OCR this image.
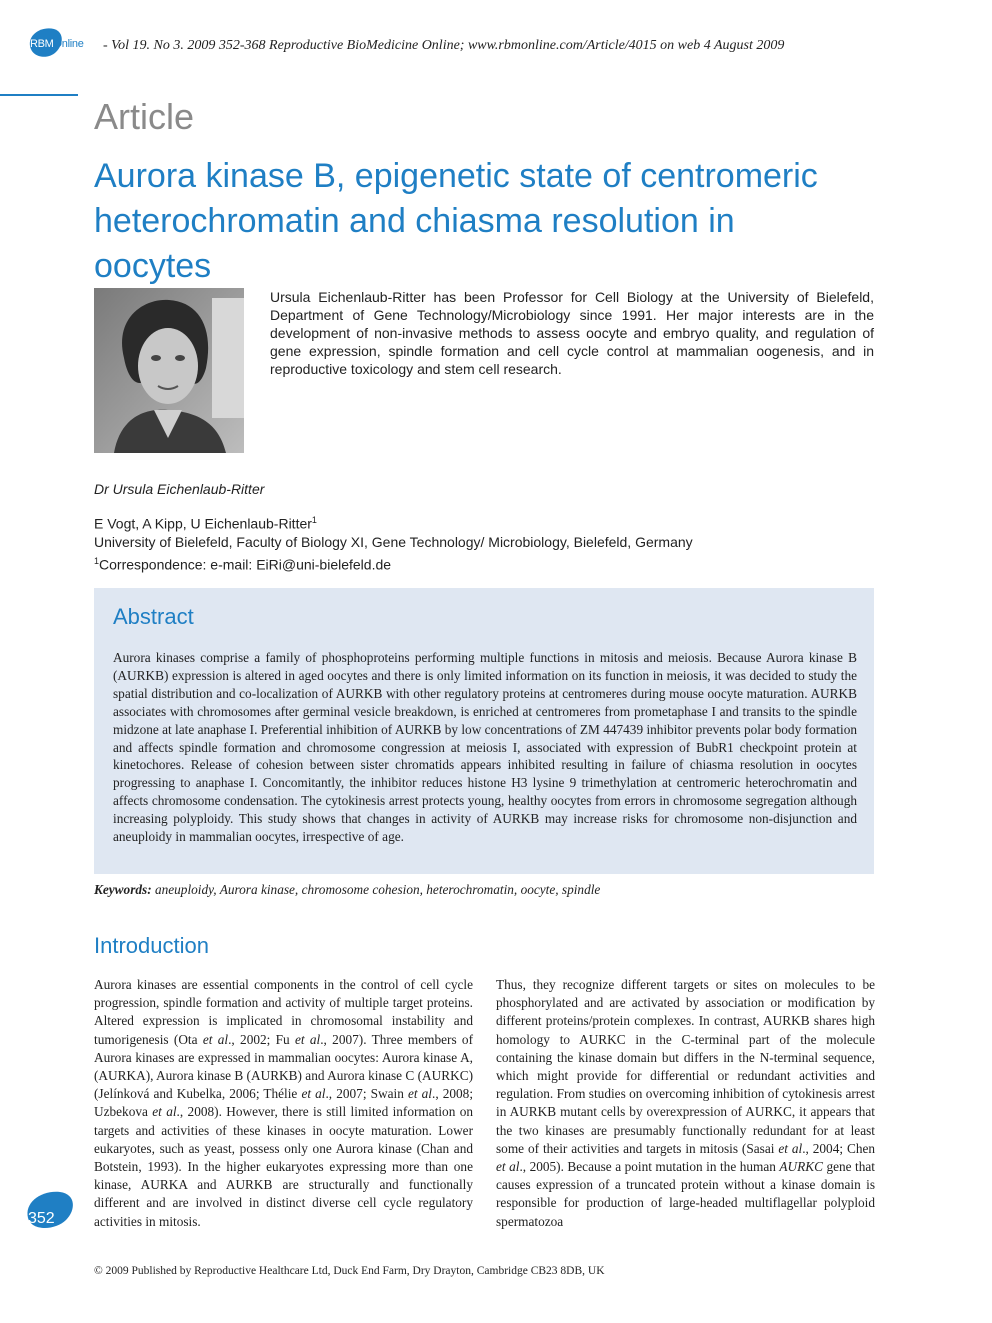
RBMOnline - Vol 19. No 3. 2009 352-368 Reproductive BioMedicine Online; www.rbmonline.com/Article/4015 on web 4 August 2009
Article
Aurora kinase B, epigenetic state of centromeric heterochromatin and chiasma resolution in oocytes
Ursula Eichenlaub-Ritter has been Professor for Cell Biology at the University of Bielefeld, Department of Gene Technology/Microbiology since 1991. Her major interests are in the development of non-invasive methods to assess oocyte and embryo quality, and regulation of gene expression, spindle formation and cell cycle control at mammalian oogenesis, and in reproductive toxicology and stem cell research.
Dr Ursula Eichenlaub-Ritter
E Vogt, A Kipp, U Eichenlaub-Ritter$^1$
University of Bielefeld, Faculty of Biology XI, Gene Technology/ Microbiology, Bielefeld, Germany
$^1$Correspondence: e-mail: EiRi@uni-bielefeld.de
Abstract
Aurora kinases comprise a family of phosphoproteins performing multiple functions in mitosis and meiosis. Because Aurora kinase B (AURKB) expression is altered in aged oocytes and there is only limited information on its function in meiosis, it was decided to study the spatial distribution and co-localization of AURKB with other regulatory proteins at centromeres during mouse oocyte maturation. AURKB associates with chromosomes after germinal vesicle breakdown, is enriched at centromeres from prometaphase I and transits to the spindle midzone at late anaphase I. Preferential inhibition of AURKB by low concentrations of ZM 447439 inhibitor prevents polar body formation and affects spindle formation and chromosome congression at meiosis I, associated with expression of BubR1 checkpoint protein at kinetochores. Release of cohesion between sister chromatids appears inhibited resulting in failure of chiasma resolution in oocytes progressing to anaphase I. Concomitantly, the inhibitor reduces histone H3 lysine 9 trimethylation at centromeric heterochromatin and affects chromosome condensation. The cytokinesis arrest protects young, healthy oocytes from errors in chromosome segregation although increasing polyploidy. This study shows that changes in activity of AURKB may increase risks for chromosome non-disjunction and aneuploidy in mammalian oocytes, irrespective of age.
Keywords: aneuploidy, Aurora kinase, chromosome cohesion, heterochromatin, oocyte, spindle
Introduction
Aurora kinases are essential components in the control of cell cycle progression, spindle formation and activity of multiple target proteins. Altered expression is implicated in chromosomal instability and tumorigenesis (Ota et al., 2002; Fu et al., 2007). Three members of Aurora kinases are expressed in mammalian oocytes: Aurora kinase A, (AURKA), Aurora kinase B (AURKB) and Aurora kinase C (AURKC) (Jelínková and Kubelka, 2006; Thélie et al., 2007; Swain et al., 2008; Uzbekova et al., 2008). However, there is still limited information on targets and activities of these kinases in oocyte maturation. Lower eukaryotes, such as yeast, possess only one Aurora kinase (Chan and Botstein, 1993). In the higher eukaryotes expressing more than one kinase, AURKA and AURKB are structurally and functionally different and are involved in distinct diverse cell cycle regulatory activities in mitosis.
Thus, they recognize different targets or sites on molecules to be phosphorylated and are activated by association or modification by different proteins/protein complexes. In contrast, AURKB shares high homology to AURKC in the C-terminal part of the molecule containing the kinase domain but differs in the N-terminal sequence, which might provide for differential or redundant activities and regulation. From studies on overcoming inhibition of cytokinesis arrest in AURKB mutant cells by overexpression of AURKC, it appears that the two kinases are presumably functionally redundant for at least some of their activities and targets in mitosis (Sasai et al., 2004; Chen et al., 2005). Because a point mutation in the human AURKC gene that causes expression of a truncated protein without a kinase domain is responsible for production of large-headed multiflagellar polyploid spermatozoa
352
© 2009 Published by Reproductive Healthcare Ltd, Duck End Farm, Dry Drayton, Cambridge CB23 8DB, UK
